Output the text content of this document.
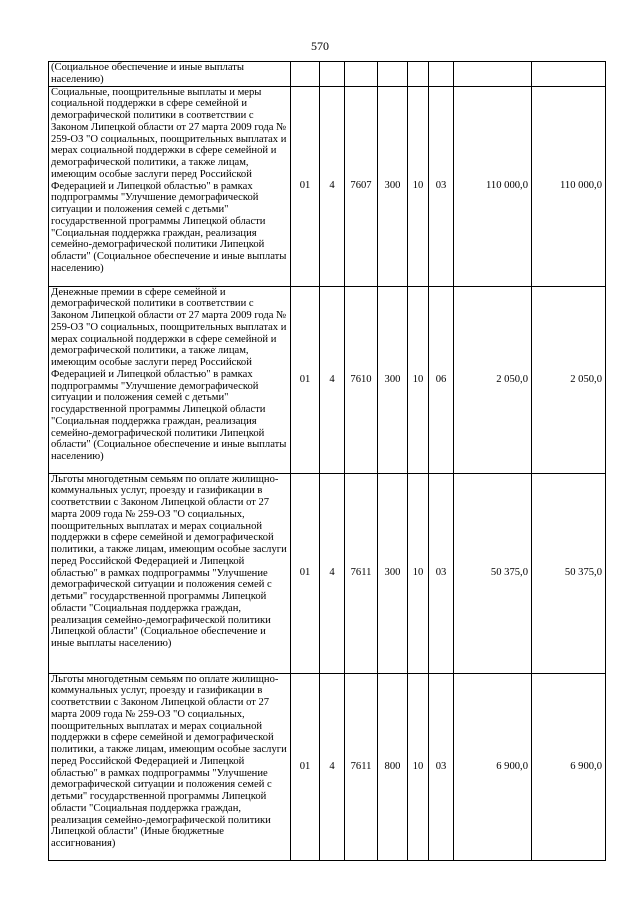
570
(Социальное обеспечение и иные выплаты населению)								
Социальные, поощрительные выплаты и меры социальной поддержки в сфере семейной и демографической политики в соответствии с Законом Липецкой области от 27 марта 2009 года № 259-ОЗ "О социальных, поощрительных выплатах и мерах социальной поддержки в сфере семейной и демографической политики, а также лицам, имеющим особые заслуги перед Российской Федерацией и Липецкой областью" в рамках подпрограммы "Улучшение демографической ситуации и положения семей с детьми" государственной программы Липецкой области "Социальная поддержка граждан, реализация семейно-демографической политики Липецкой области" (Социальное обеспечение и иные выплаты населению)	01	4	7607	300	10	03	110 000,0	110 000,0
Денежные премии в сфере семейной и демографической политики в соответствии с Законом Липецкой области от 27 марта 2009 года № 259-ОЗ "О социальных, поощрительных выплатах и мерах социальной поддержки в сфере семейной и демографической политики, а также лицам, имеющим особые заслуги перед Российской Федерацией и Липецкой областью" в рамках подпрограммы "Улучшение демографической ситуации и положения семей с детьми" государственной программы Липецкой области "Социальная поддержка граждан, реализация семейно-демографической политики Липецкой области" (Социальное обеспечение и иные выплаты населению)	01	4	7610	300	10	06	2 050,0	2 050,0
Льготы многодетным семьям по оплате жилищно-коммунальных услуг, проезду и газификации в соответствии с Законом Липецкой области от 27 марта 2009 года № 259-ОЗ "О социальных, поощрительных выплатах и мерах социальной поддержки в сфере семейной и демографической политики, а также лицам, имеющим особые заслуги перед Российской Федерацией и Липецкой областью" в рамках подпрограммы "Улучшение демографической ситуации и положения семей с детьми" государственной программы Липецкой области "Социальная поддержка граждан, реализация семейно-демографической политики Липецкой области" (Социальное обеспечение и иные выплаты населению)	01	4	7611	300	10	03	50 375,0	50 375,0
Льготы многодетным семьям по оплате жилищно-коммунальных услуг, проезду и газификации в соответствии с Законом Липецкой области от 27 марта 2009 года № 259-ОЗ "О социальных, поощрительных выплатах и мерах социальной поддержки в сфере семейной и демографической политики, а также лицам, имеющим особые заслуги перед Российской Федерацией и Липецкой областью" в рамках подпрограммы "Улучшение демографической ситуации и положения семей с детьми" государственной программы Липецкой области "Социальная поддержка граждан, реализация семейно-демографической политики Липецкой области" (Иные бюджетные ассигнования)	01	4	7611	800	10	03	6 900,0	6 900,0
